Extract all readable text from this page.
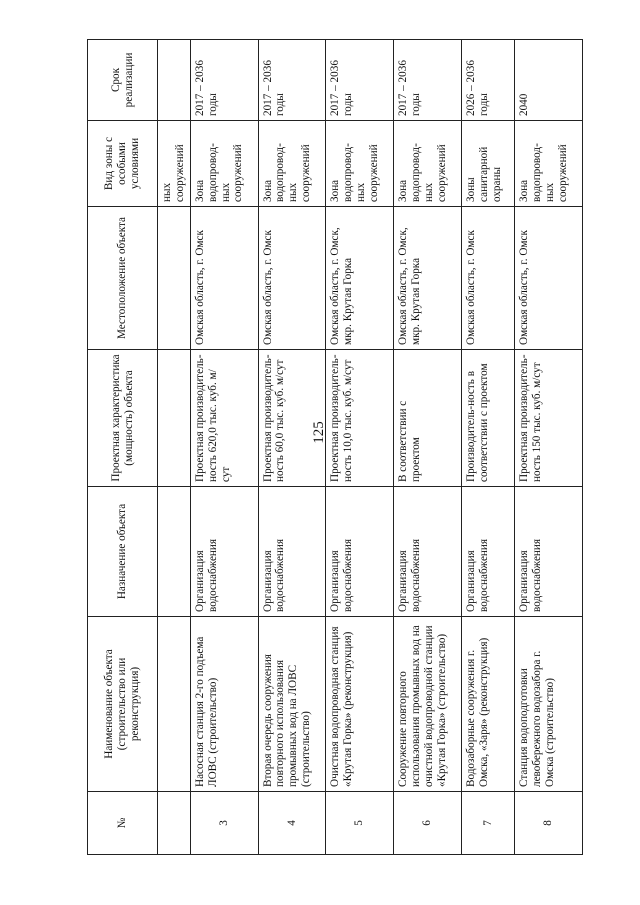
125
№	Наименование объекта (строительство или реконструкция)	Назначение объекта	Проектная характеристика (мощность) объекта	Местоположение объекта	Вид зоны с особыми условиями	Срок реализации
					ных сооружений	
3	Насосная станция 2-го подъема ЛОВС (строительство)	Организация водоснабжения	Проектная производитель-ность 620,0 тыс. куб. м/сут	Омская область, г. Омск	Зона водопровод-ных сооружений	2017 – 2036 годы
4	Вторая очередь сооружения повторного использования промывных вод на ЛОВС (строительство)	Организация водоснабжения	Проектная производитель-ность 60,0 тыс. куб. м/сут	Омская область, г. Омск	Зона водопровод-ных сооружений	2017 – 2036 годы
5	Очистная водопроводная станция «Крутая Горка» (реконструкция)	Организация водоснабжения	Проектная производитель-ность 10,0 тыс. куб. м/сут	Омская область, г. Омск, мкр. Крутая Горка	Зона водопровод-ных сооружений	2017 – 2036 годы
6	Сооружение повторного использования промывных вод на очистной водопроводной станции «Крутая Горка» (строительство)	Организация водоснабжения	В соответствии с проектом	Омская область, г. Омск, мкр. Крутая Горка	Зона водопровод-ных сооружений	2017 – 2036 годы
7	Водозаборные сооружения г. Омска, «Заря» (реконструкция)	Организация водоснабжения	Производитель-ность в соответствии с проектом	Омская область, г. Омск	Зоны санитарной охраны	2026 – 2036 годы
8	Станция водоподготовки левобережного водозабора г. Омска (строительство)	Организация водоснабжения	Проектная производитель-ность 150 тыс. куб. м/сут	Омская область, г. Омск	Зона водопровод-ных сооружений	2040
